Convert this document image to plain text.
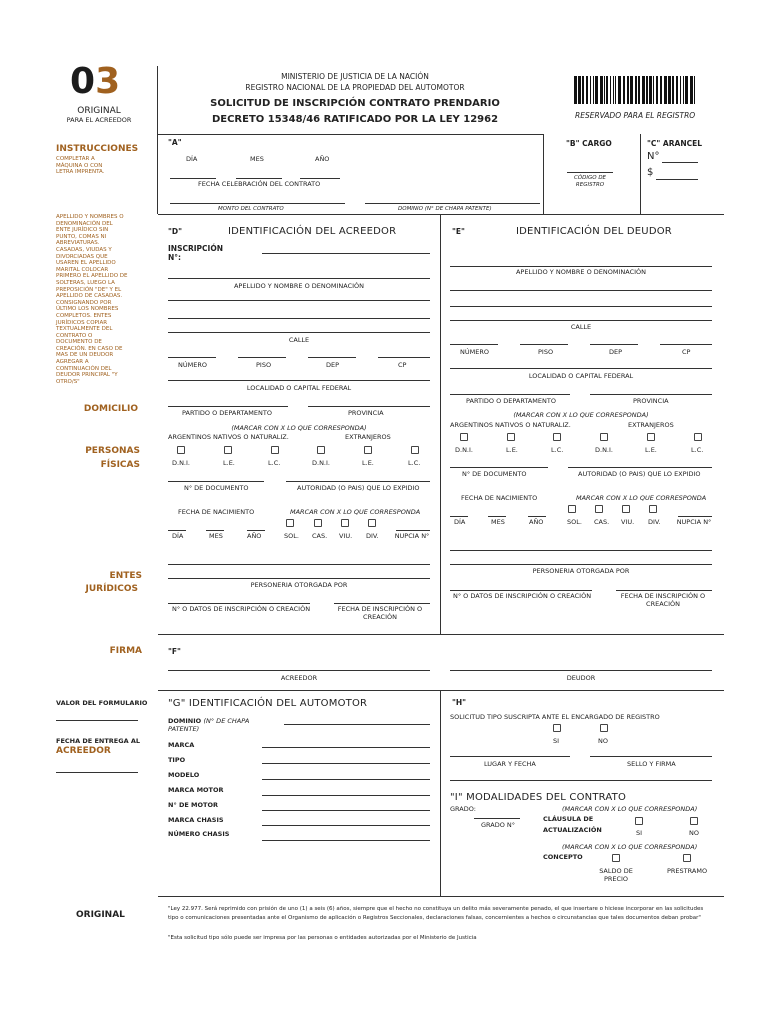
03
ORIGINAL
PARA EL ACREEDOR
MINISTERIO DE JUSTICIA DE LA NACIÓN
REGISTRO NACIONAL DE LA PROPIEDAD DEL AUTOMOTOR
SOLICITUD DE INSCRIPCIÓN CONTRATO PRENDARIO
DECRETO 15348/46 RATIFICADO POR LA LEY 12962	RESERVADO PARA EL REGISTRO
INSTRUCCIONES
COMPLETAR A MÁQUINA O CON LETRA IMPRENTA.
APELLIDO Y NOMBRES O DENOMINACIÓN DEL ENTE JURÍDICO SIN PUNTO, COMAS NI ABREVIATURAS. CASADAS, VIUDAS Y DIVORCIADAS QUE USAREN EL APELLIDO MARITAL COLOCAR PRIMERO EL APELLIDO DE SOLTERAS, LUEGO LA PREPOSICIÓN "DE" Y EL APELLIDO DE CASADAS. CONSIGNANDO POR ÚLTIMO LOS NOMBRES COMPLETOS. ENTES JURÍDICOS COPIAR TEXTUALMENTE DEL CONTRATO O DOCUMENTO DE CREACIÓN. EN CASO DE MAS DE UN DEUDOR AGREGAR A CONTINUACIÓN DEL DEUDOR PRINCIPAL "Y OTRO/S"
DOMICILIO
PERSONAS
FÍSICAS
ENTES
JURÍDICOS
FIRMA
VALOR DEL FORMULARIO
FECHA DE ENTREGA AL
ACREEDOR
ORIGINAL
"A"
DÍA	MES	AÑO
FECHA CELEBRACIÓN DEL CONTRATO
MONTO DEL CONTRATO	DOMINIO (N° DE CHAPA PATENTE)
"B" CARGO
CÓDIGO DE REGISTRO
"C" ARANCEL
N°
$
"D"	IDENTIFICACIÓN DEL ACREEDOR
INSCRIPCIÓN N°:
APELLIDO Y NOMBRE O DENOMINACIÓN
CALLE
NÚMERO	PISO	DEP	CP
LOCALIDAD O CAPITAL FEDERAL
PARTIDO O DEPARTAMENTO	PROVINCIA
(MARCAR CON X LO QUE CORRESPONDA)
ARGENTINOS NATIVOS O NATURALIZ.	EXTRANJEROS
D.N.I.	L.E.	L.C.	D.N.I.	L.E.	L.C.
N° DE DOCUMENTO	AUTORIDAD (O PAIS) QUE LO EXPIDIO
FECHA DE NACIMIENTO	MARCAR CON X LO QUE CORRESPONDA
DÍA	MES	AÑO	SOL. CAS. VIU. DIV. NUPCIA N°
PERSONERIA OTORGADA POR
N° O DATOS DE INSCRIPCIÓN O CREACIÓN	FECHA DE INSCRIPCIÓN O CREACIÓN
"E"	IDENTIFICACIÓN DEL DEUDOR
APELLIDO Y NOMBRE O DENOMINACIÓN
CALLE
NÚMERO	PISO	DEP	CP
LOCALIDAD O CAPITAL FEDERAL
PARTIDO O DEPARTAMENTO	PROVINCIA
(MARCAR CON X LO QUE CORRESPONDA)
ARGENTINOS NATIVOS O NATURALIZ.	EXTRANJEROS
D.N.I.	L.E.	L.C.	D.N.I.	L.E.	L.C.
N° DE DOCUMENTO	AUTORIDAD (O PAIS) QUE LO EXPIDIO
FECHA DE NACIMIENTO	MARCAR CON X LO QUE CORRESPONDA
DÍA	MES	AÑO	SOL. CAS. VIU. DIV. NUPCIA N°
PERSONERIA OTORGADA POR
N° O DATOS DE INSCRIPCIÓN O CREACIÓN	FECHA DE INSCRIPCIÓN O CREACIÓN
"F"
ACREEDOR	DEUDOR
"G" IDENTIFICACIÓN DEL AUTOMOTOR
DOMINIO (N° DE CHAPA PATENTE)
MARCA
TIPO
MODELO
MARCA MOTOR
N° DE MOTOR
MARCA CHASIS
NÚMERO CHASIS
"H"
SOLICITUD TIPO SUSCRIPTA ANTE EL ENCARGADO DE REGISTRO
SI	NO
LUGAR Y FECHA	SELLO Y FIRMA
"I" MODALIDADES DEL CONTRATO
GRADO:	(MARCAR CON X LO QUE CORRESPONDA)
GRADO N°
CLÁUSULA DE ACTUALIZACIÓN	SI	NO
(MARCAR CON X LO QUE CORRESPONDA)
CONCEPTO
SALDO DE PRECIO
PRESTRAMO
"Ley 22.977. Será reprimido con prisión de uno (1) a seis (6) años, siempre que el hecho no constituya un delito más severamente penado, el que insertare o hiciese incorporar en las solicitudes tipo o comunicaciones presentadas ante el Organismo de aplicación o Registros Seccionales, declaraciones falsas, concernientes a hechos o circunstancias que tales documentos deban probar"
"Esta solicitud tipo sólo puede ser impresa por las personas o entidades autorizadas por el Ministerio de Justicia
